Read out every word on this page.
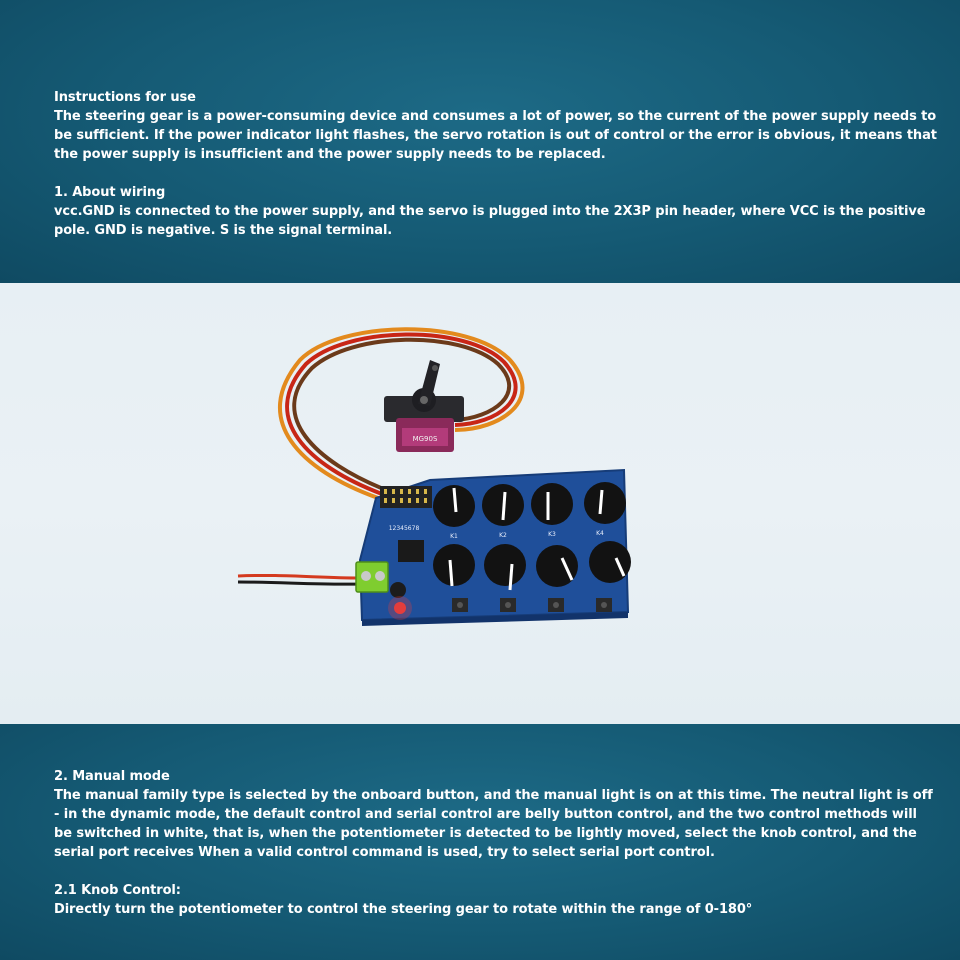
Instructions for use

The steering gear is a power-consuming device and consumes a lot of power, so the current of the power supply needs to be sufficient. If the power indicator light flashes, the servo rotation is out of control or the error is obvious, it means that the power supply is insufficient and the power supply needs to be replaced.

1. About wiring

vcc.GND is connected to the power supply, and the servo is plugged into the 2X3P pin header, where VCC is the positive pole. GND is negative. S is the signal terminal.

MG90S
12345678
K1	K2	K3	K4

2. Manual mode

The manual family type is selected by the onboard button, and the manual light is on at this time. The neutral light is off - in the dynamic mode, the default control and serial control are belly button control, and the two control methods will be switched in white, that is, when the potentiometer is detected to be lightly moved, select the knob control, and the serial port receives When a valid control command is used, try to select serial port control.

2.1 Knob Control:

Directly turn the potentiometer to control the steering gear to rotate within the range of 0-180°
